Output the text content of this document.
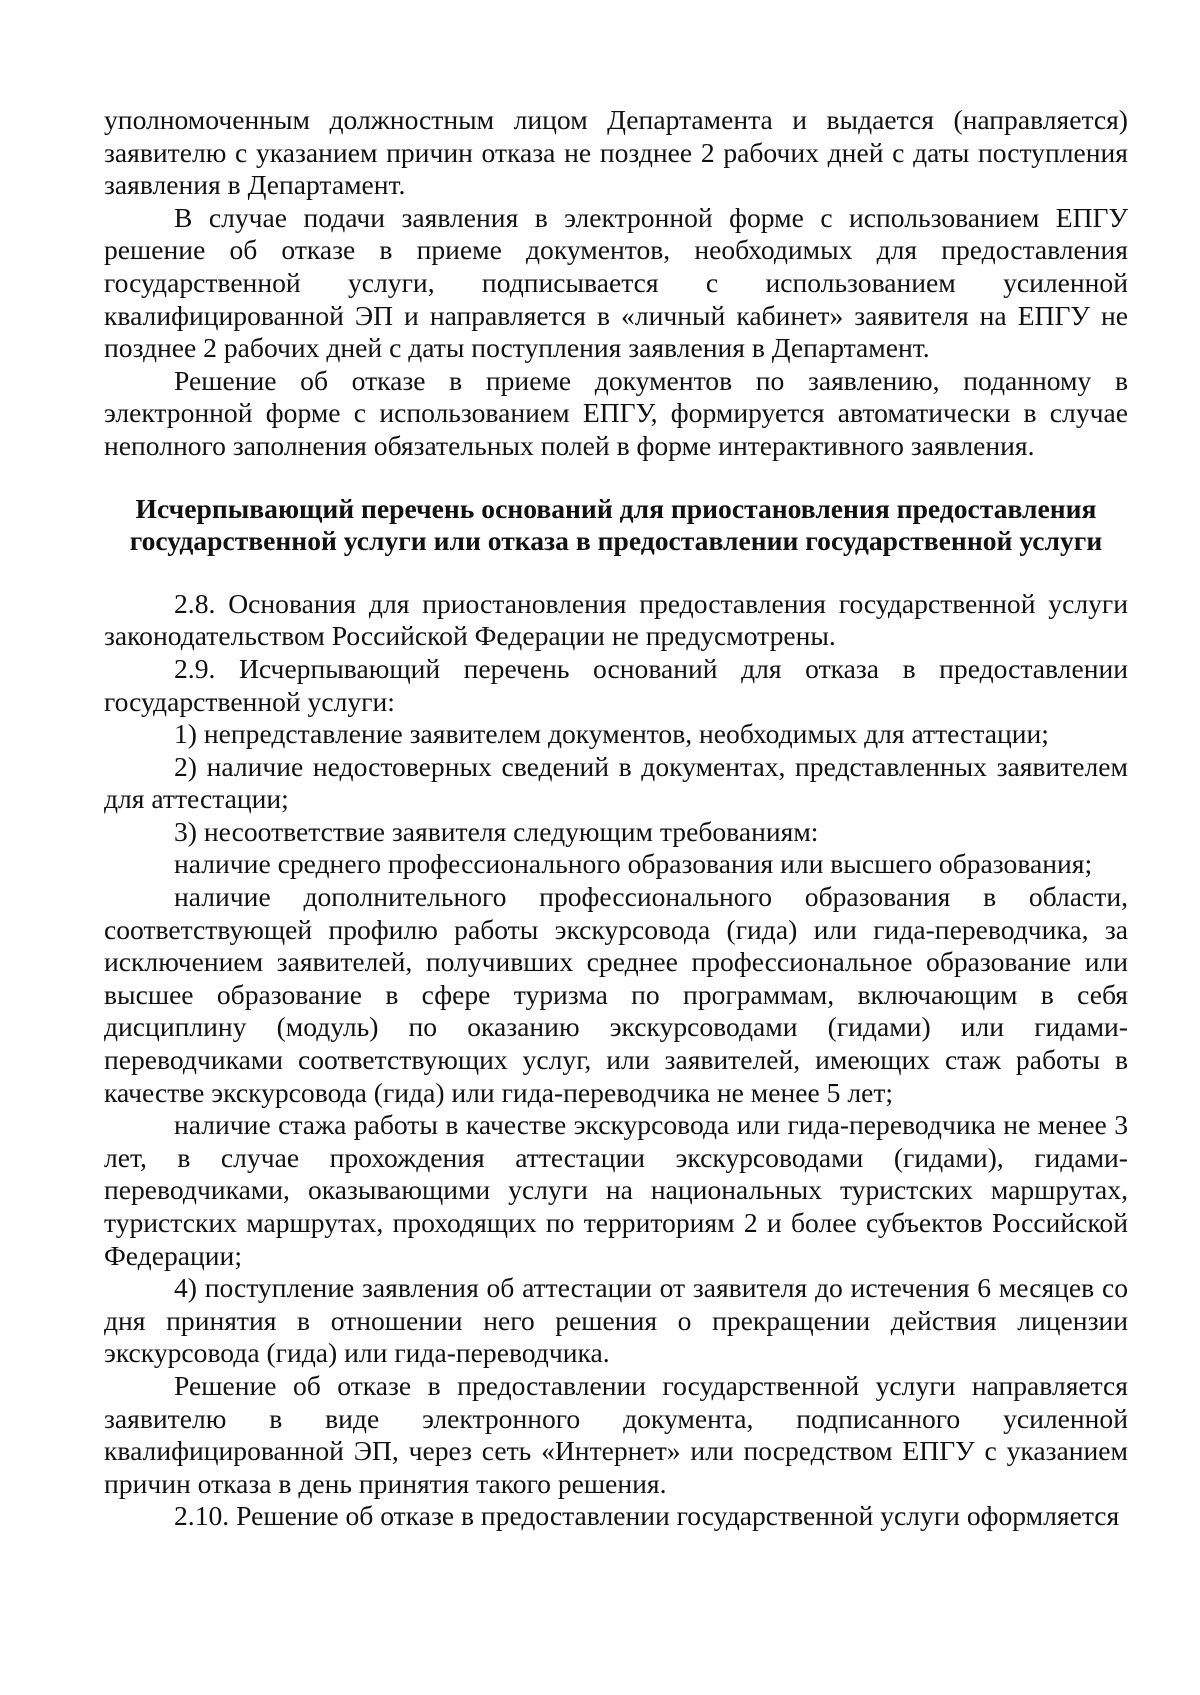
уполномоченным должностным лицом Департамента и выдается (направляется) заявителю с указанием причин отказа не позднее 2 рабочих дней с даты поступления заявления в Департамент.

В случае подачи заявления в электронной форме с использованием ЕПГУ решение об отказе в приеме документов, необходимых для предоставления государственной услуги, подписывается с использованием усиленной квалифицированной ЭП и направляется в «личный кабинет» заявителя на ЕПГУ не позднее 2 рабочих дней с даты поступления заявления в Департамент.

Решение об отказе в приеме документов по заявлению, поданному в электронной форме с использованием ЕПГУ, формируется автоматически в случае неполного заполнения обязательных полей в форме интерактивного заявления.

Исчерпывающий перечень оснований для приостановления предоставления

государственной услуги или отказа в предоставлении государственной услуги

2.8. Основания для приостановления предоставления государственной услуги законодательством Российской Федерации не предусмотрены.

2.9. Исчерпывающий перечень оснований для отказа в предоставлении государственной услуги:

1) непредставление заявителем документов, необходимых для аттестации;

2) наличие недостоверных сведений в документах, представленных заявителем для аттестации;

3) несоответствие заявителя следующим требованиям:

наличие среднего профессионального образования или высшего образования;

наличие дополнительного профессионального образования в области, соответствующей профилю работы экскурсовода (гида) или гида-переводчика, за исключением заявителей, получивших среднее профессиональное образование или высшее образование в сфере туризма по программам, включающим в себя дисциплину (модуль) по оказанию экскурсоводами (гидами) или гидами-переводчиками соответствующих услуг, или заявителей, имеющих стаж работы в качестве экскурсовода (гида) или гида-переводчика не менее 5 лет;

наличие стажа работы в качестве экскурсовода или гида-переводчика не менее 3 лет, в случае прохождения аттестации экскурсоводами (гидами), гидами-переводчиками, оказывающими услуги на национальных туристских маршрутах, туристских маршрутах, проходящих по территориям 2 и более субъектов Российской Федерации;

4) поступление заявления об аттестации от заявителя до истечения 6 месяцев со дня принятия в отношении него решения о прекращении действия лицензии экскурсовода (гида) или гида-переводчика.

Решение об отказе в предоставлении государственной услуги направляется заявителю в виде электронного документа, подписанного усиленной квалифицированной ЭП, через сеть «Интернет» или посредством ЕПГУ с указанием причин отказа в день принятия такого решения.

2.10. Решение об отказе в предоставлении государственной услуги оформляется
